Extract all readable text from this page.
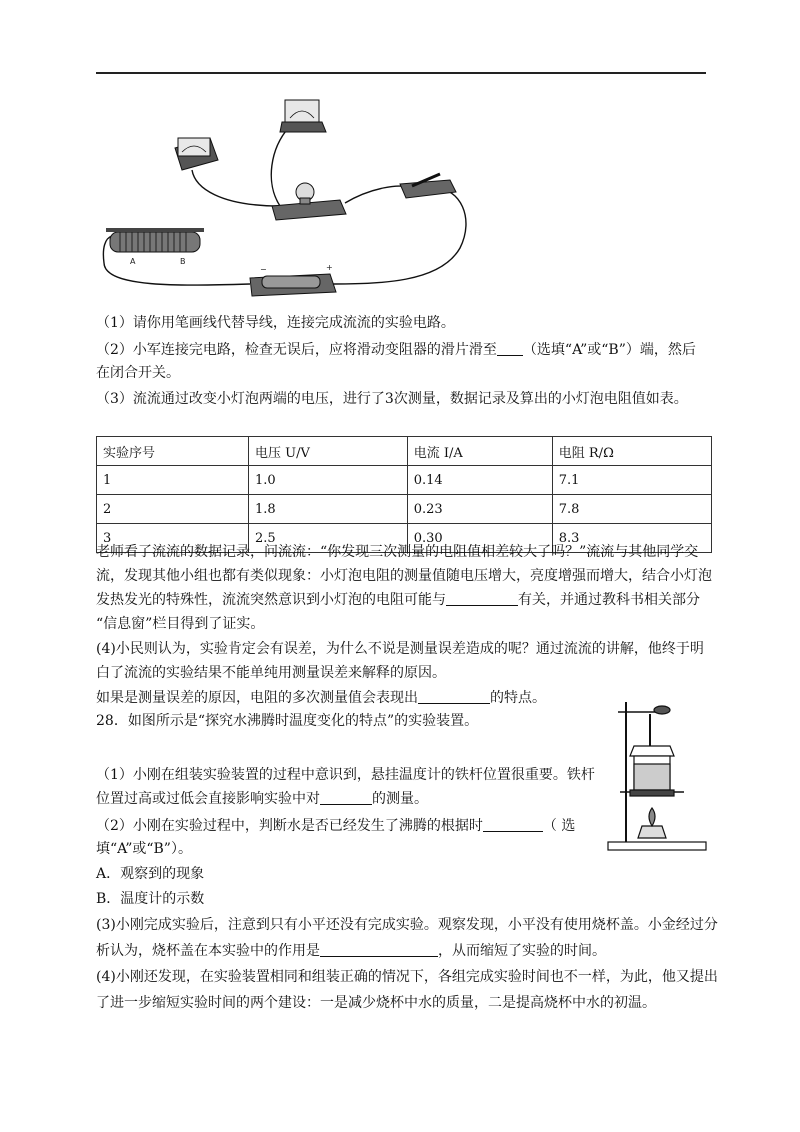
A	B
−	+
（1）请你用笔画线代替导线，连接完成流流的实验电路。
（2）小军连接完电路，检查无误后，应将滑动变阻器的滑片滑至 （选填“A”或“B”）端，然后
在闭合开关。
（3）流流通过改变小灯泡两端的电压，进行了3次测量，数据记录及算出的小灯泡电阻值如表。
实验序号	电压 U/V	电流 I/A	电阻 R/Ω
1	1.0	0.14	7.1
2	1.8	0.23	7.8
3	2.5	0.30	8.3
老师看了流流的数据记录，问流流：“你发现三次测量的电阻值相差较大了吗？”流流与其他同学交
流，发现其他小组也都有类似现象：小灯泡电阻的测量值随电压增大，亮度增强而增大，结合小灯泡
发热发光的特殊性，流流突然意识到小灯泡的电阻可能与	有关，并通过教科书相关部分
“信息窗”栏目得到了证实。
(4)小民则认为，实验肯定会有误差，为什么不说是测量误差造成的呢？通过流流的讲解，他终于明
白了流流的实验结果不能单纯用测量误差来解释的原因。
如果是测量误差的原因，电阻的多次测量值会表现出	的特点。
28．如图所示是“探究水沸腾时温度变化的特点”的实验装置。
（1）小刚在组装实验装置的过程中意识到，悬挂温度计的铁杆位置很重要。铁杆
位置过高或过低会直接影响实验中对	的测量。
（2）小刚在实验过程中，判断水是否已经发生了沸腾的根据时	（ 选
填“A”或“B”）。
A．观察到的现象
B．温度计的示数
(3)小刚完成实验后，注意到只有小平还没有完成实验。观察发现，小平没有使用烧杯盖。小金经过分
析认为，烧杯盖在本实验中的作用是	，从而缩短了实验的时间。
(4)小刚还发现，在实验装置相同和组装正确的情况下，各组完成实验时间也不一样，为此，他又提出
了进一步缩短实验时间的两个建设：一是减少烧杯中水的质量，二是提高烧杯中水的初温。
